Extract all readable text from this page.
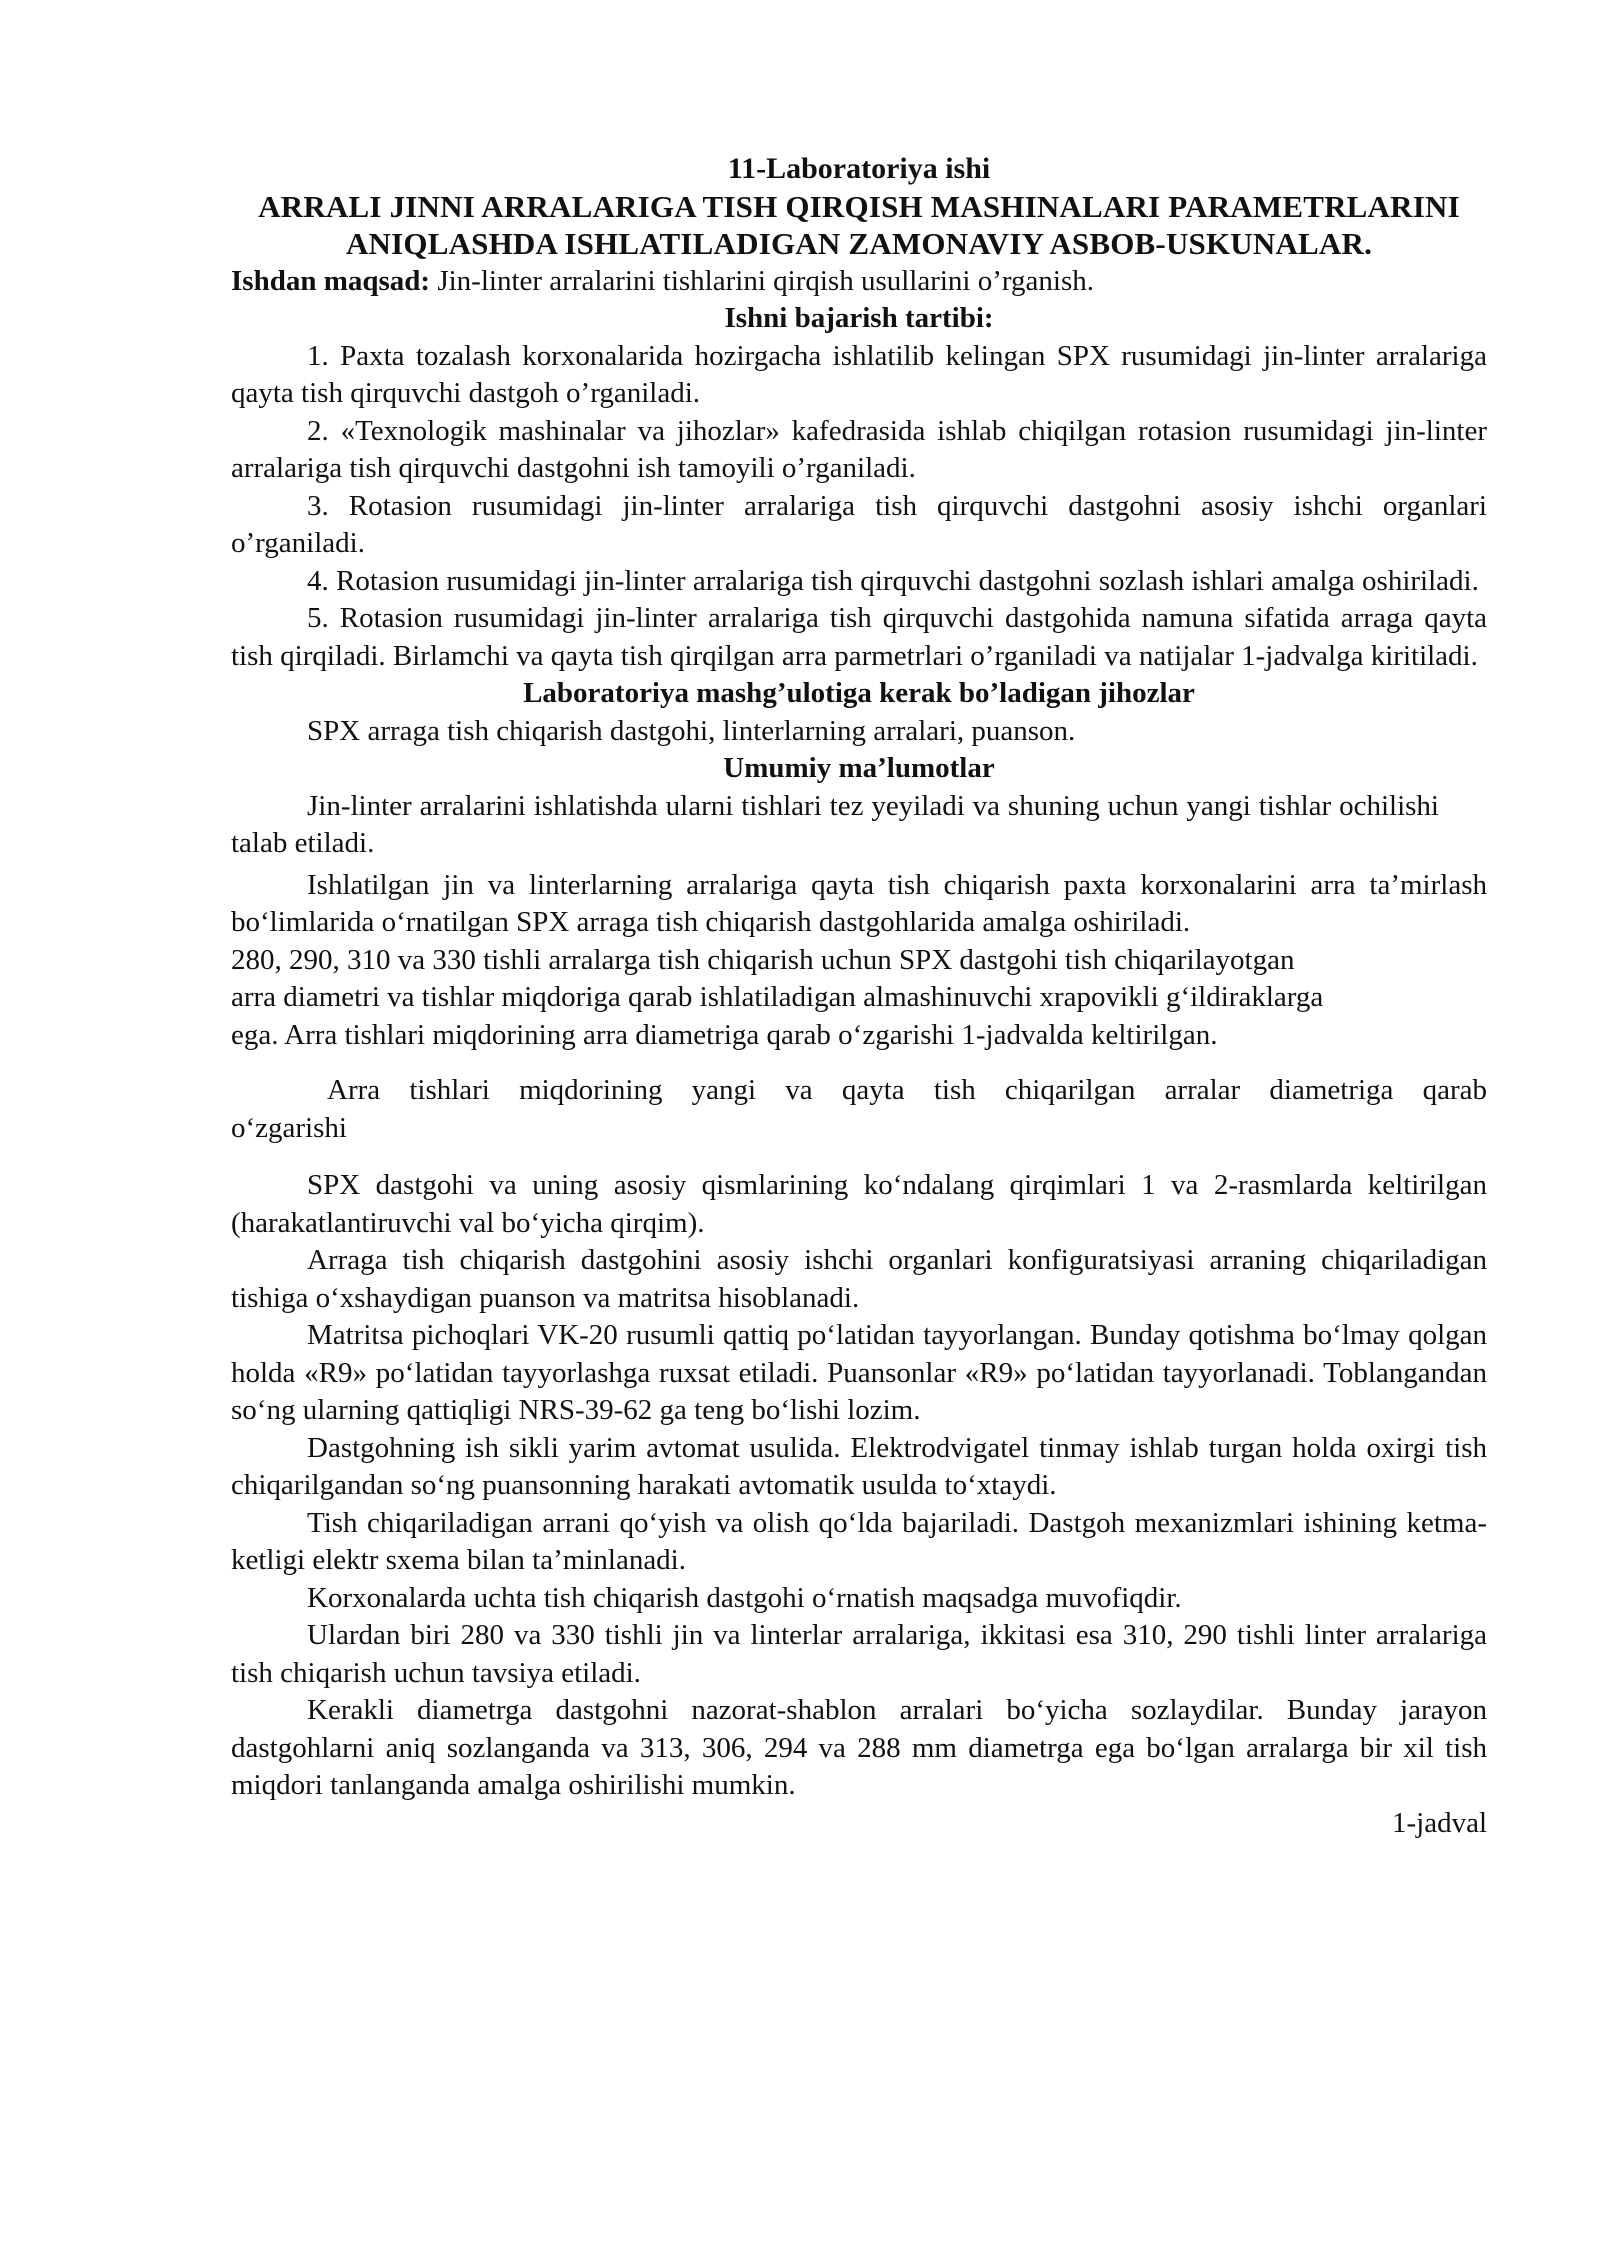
11-Laboratoriya ishi

ARRALI JINNI ARRALARIGA TISH QIRQISH MASHINALARI PARAMETRLARINI

ANIQLASHDA ISHLATILADIGAN ZAMONAVIY ASBOB-USKUNALAR.

Ishdan maqsad: Jin-linter arralarini tishlarini qirqish usullarini o’rganish.

Ishni bajarish tartibi:

1. Paxta tozalash korxonalarida hozirgacha ishlatilib kelingan SPX rusumidagi jin-linter arralariga qayta tish qirquvchi dastgoh o’rganiladi.

2. «Texnologik mashinalar va jihozlar» kafedrasida ishlab chiqilgan rotasion rusumidagi jin-linter arralariga tish qirquvchi dastgohni ish tamoyili o’rganiladi.

3. Rotasion rusumidagi jin-linter arralariga tish qirquvchi dastgohni asosiy ishchi organlari o’rganiladi.

4. Rotasion rusumidagi jin-linter arralariga tish qirquvchi dastgohni sozlash ishlari amalga oshiriladi.

5. Rotasion rusumidagi jin-linter arralariga tish qirquvchi dastgohida namuna sifatida arraga qayta tish qirqiladi. Birlamchi va qayta tish qirqilgan arra parmetrlari o’rganiladi va natijalar 1-jadvalga kiritiladi.

Laboratoriya mashg’ulotiga kerak bo’ladigan jihozlar

SPX arraga tish chiqarish dastgohi, linterlarning arralari, puanson.

Umumiy ma’lumotlar

Jin-linter arralarini ishlatishda ularni tishlari tez yeyiladi va shuning uchun yangi tishlar ochilishi talab etiladi.

Ishlatilgan jin va linterlarning arralariga qayta tish chiqarish paxta korxonalarini arra ta’mirlash bo‘limlarida o‘rnatilgan SPX arraga tish chiqarish dastgohlarida amalga oshiriladi.

280, 290, 310 va 330 tishli arralarga tish chiqarish uchun SPX dastgohi tish chiqarilayotgan
arra diametri va tishlar miqdoriga qarab ishlatiladigan almashinuvchi xrapovikli g‘ildiraklarga
ega. Arra tishlari miqdorining arra diametriga qarab o‘zgarishi 1-jadvalda keltirilgan.

Arra tishlari miqdorining yangi va qayta tish chiqarilgan arralar diametriga qarab o‘zgarishi

SPX dastgohi va uning asosiy qismlarining ko‘ndalang qirqimlari 1 va 2-rasmlarda keltirilgan (harakatlantiruvchi val bo‘yicha qirqim).

Arraga tish chiqarish dastgohini asosiy ishchi organlari konfiguratsiyasi arraning chiqariladigan tishiga o‘xshaydigan puanson va matritsa hisoblanadi.

Matritsa pichoqlari VK-20 rusumli qattiq po‘latidan tayyorlangan. Bunday qotishma bo‘lmay qolgan holda «R9» po‘latidan tayyorlashga ruxsat etiladi. Puansonlar «R9» po‘latidan tayyorlanadi. Toblangandan so‘ng ularning qattiqligi NRS-39-62 ga teng bo‘lishi lozim.

Dastgohning ish sikli yarim avtomat usulida. Elektrodvigatel tinmay ishlab turgan holda oxirgi tish chiqarilgandan so‘ng puansonning harakati avtomatik usulda to‘xtaydi.

Tish chiqariladigan arrani qo‘yish va olish qo‘lda bajariladi. Dastgoh mexanizmlari ishining ketma-ketligi elektr sxema bilan ta’minlanadi.

Korxonalarda uchta tish chiqarish dastgohi o‘rnatish maqsadga muvofiqdir.

Ulardan biri 280 va 330 tishli jin va linterlar arralariga, ikkitasi esa 310, 290 tishli linter arralariga tish chiqarish uchun tavsiya etiladi.

Kerakli diametrga dastgohni nazorat-shablon arralari bo‘yicha sozlaydilar. Bunday jarayon dastgohlarni aniq sozlanganda va 313, 306, 294 va 288 mm diametrga ega bo‘lgan arralarga bir xil tish miqdori tanlanganda amalga oshirilishi mumkin.

1-jadval
